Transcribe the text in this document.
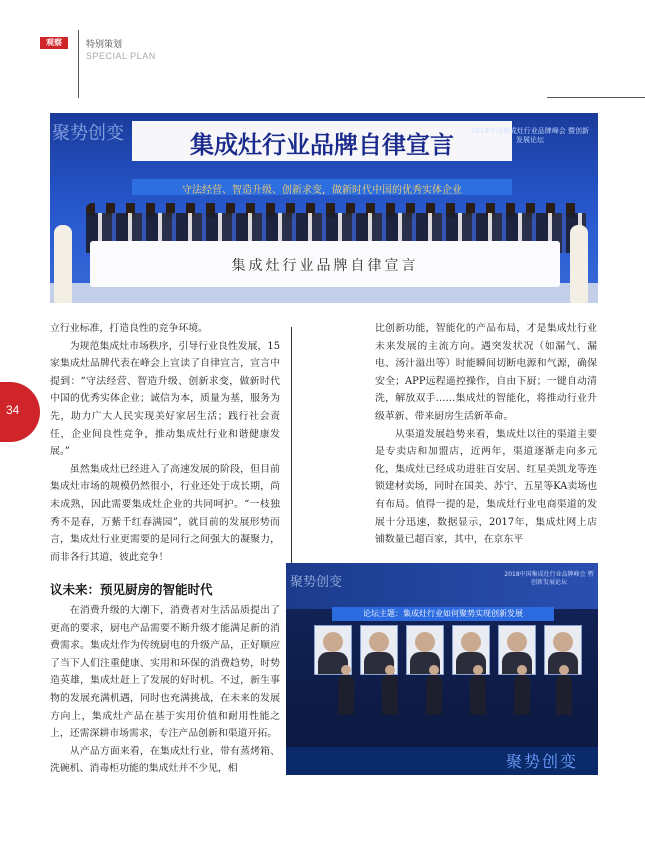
观察	特别策划
SPECIAL PLAN
34
聚势创变	集成灶行业品牌自律宣言	2018中国集成灶行业品牌峰会 暨创新发展论坛
守法经营、智造升级、创新求变，做新时代中国的优秀实体企业
集成灶行业品牌自律宣言

立行业标准，打造良性的竞争环境。

为规范集成灶市场秩序，引导行业良性发展，15家集成灶品牌代表在峰会上宣读了自律宣言，宣言中提到：“守法经营、智造升级、创新求变，做新时代中国的优秀实体企业；诚信为本，质量为基，服务为先，助力广大人民实现美好家居生活；践行社会责任，企业间良性竞争，推动集成灶行业和谐健康发展。”

虽然集成灶已经进入了高速发展的阶段，但目前集成灶市场的规模仍然很小，行业还处于成长期，尚未成熟，因此需要集成灶企业的共同呵护。“一枝独秀不是春，万紫千红春满园”，就目前的发展形势而言，集成灶行业更需要的是同行之间强大的凝聚力，而非各行其道，彼此竞争！

比创新功能，智能化的产品布局，才是集成灶行业未来发展的主流方向。遇突发状况（如漏气、漏电、汤汁溢出等）时能瞬间切断电源和气源，确保安全；APP远程遥控操作，自由下厨；一键自动清洗，解放双手……集成灶的智能化，将推动行业升级革新、带来厨房生活新革命。

从渠道发展趋势来看，集成灶以往的渠道主要是专卖店和加盟店，近两年，渠道逐渐走向多元化，集成灶已经成功进驻百安居、红星美凯龙等连锁建材卖场，同时在国美、苏宁、五星等KA卖场也有布局。值得一提的是，集成灶行业电商渠道的发展十分迅速，数据显示，2017年，集成灶网上店铺数量已超百家，其中，在京东平

议未来：预见厨房的智能时代

在消费升级的大潮下，消费者对生活品质提出了更高的要求，厨电产品需要不断升级才能满足新的消费需求。集成灶作为传统厨电的升级产品，正好顺应了当下人们注重健康、实用和环保的消费趋势，时势造英雄，集成灶赶上了发展的好时机。不过，新生事物的发展充满机遇，同时也充满挑战，在未来的发展方向上，集成灶产品在基于实用价值和耐用性能之上，还需深耕市场需求，专注产品创新和渠道开拓。

从产品方面来看，在集成灶行业，带有蒸烤箱、洗碗机、消毒柜功能的集成灶并不少见，相

聚势创变
2018中国集成灶行业品牌峰会 暨创新发展论坛
论坛主题：集成灶行业如何聚势实现创新发展
聚势创变
